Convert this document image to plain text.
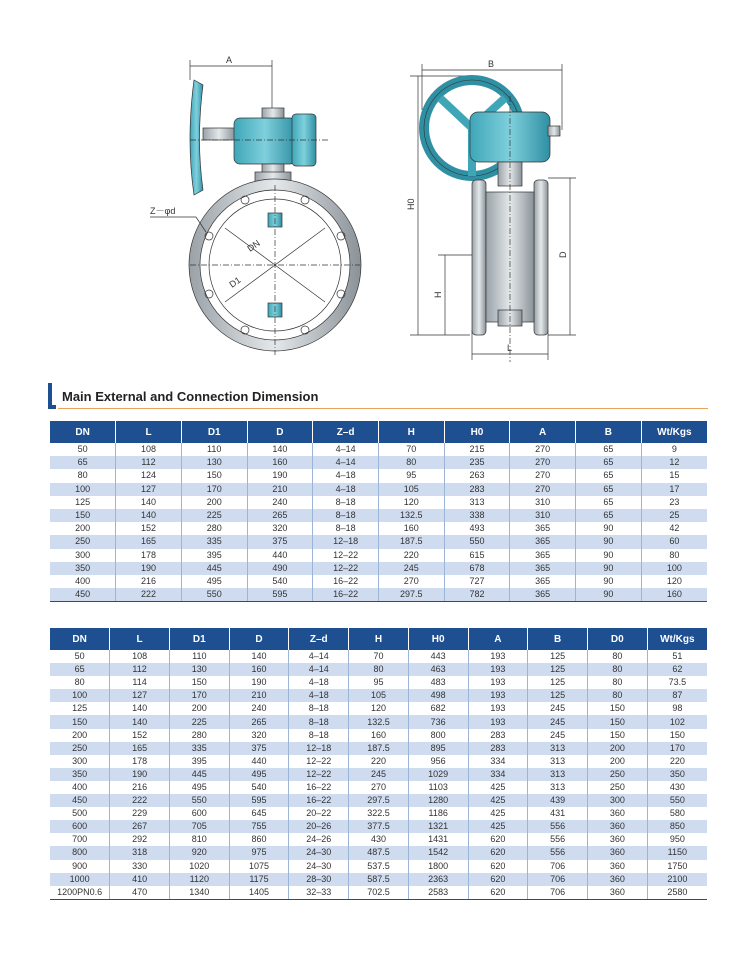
A	B
Z－φd
DN
D1
H0
H
D
L
Main External and Connection Dimension
DN	L	D1	D	Z–d	H	H0	A	B	Wt/Kgs
50	108	110	140	4–14	70	215	270	65	9
65	112	130	160	4–14	80	235	270	65	12
80	124	150	190	4–18	95	263	270	65	15
100	127	170	210	4–18	105	283	270	65	17
125	140	200	240	8–18	120	313	310	65	23
150	140	225	265	8–18	132.5	338	310	65	25
200	152	280	320	8–18	160	493	365	90	42
250	165	335	375	12–18	187.5	550	365	90	60
300	178	395	440	12–22	220	615	365	90	80
350	190	445	490	12–22	245	678	365	90	100
400	216	495	540	16–22	270	727	365	90	120
450	222	550	595	16–22	297.5	782	365	90	160
DN	L	D1	D	Z–d	H	H0	A	B	D0	Wt/Kgs
50	108	110	140	4–14	70	443	193	125	80	51
65	112	130	160	4–14	80	463	193	125	80	62
80	114	150	190	4–18	95	483	193	125	80	73.5
100	127	170	210	4–18	105	498	193	125	80	87
125	140	200	240	8–18	120	682	193	245	150	98
150	140	225	265	8–18	132.5	736	193	245	150	102
200	152	280	320	8–18	160	800	283	245	150	150
250	165	335	375	12–18	187.5	895	283	313	200	170
300	178	395	440	12–22	220	956	334	313	200	220
350	190	445	495	12–22	245	1029	334	313	250	350
400	216	495	540	16–22	270	1103	425	313	250	430
450	222	550	595	16–22	297.5	1280	425	439	300	550
500	229	600	645	20–22	322.5	1186	425	431	360	580
600	267	705	755	20–26	377.5	1321	425	556	360	850
700	292	810	860	24–26	430	1431	620	556	360	950
800	318	920	975	24–30	487.5	1542	620	556	360	1150
900	330	1020	1075	24–30	537.5	1800	620	706	360	1750
1000	410	1120	1175	28–30	587.5	2363	620	706	360	2100
1200PN0.6	470	1340	1405	32–33	702.5	2583	620	706	360	2580
